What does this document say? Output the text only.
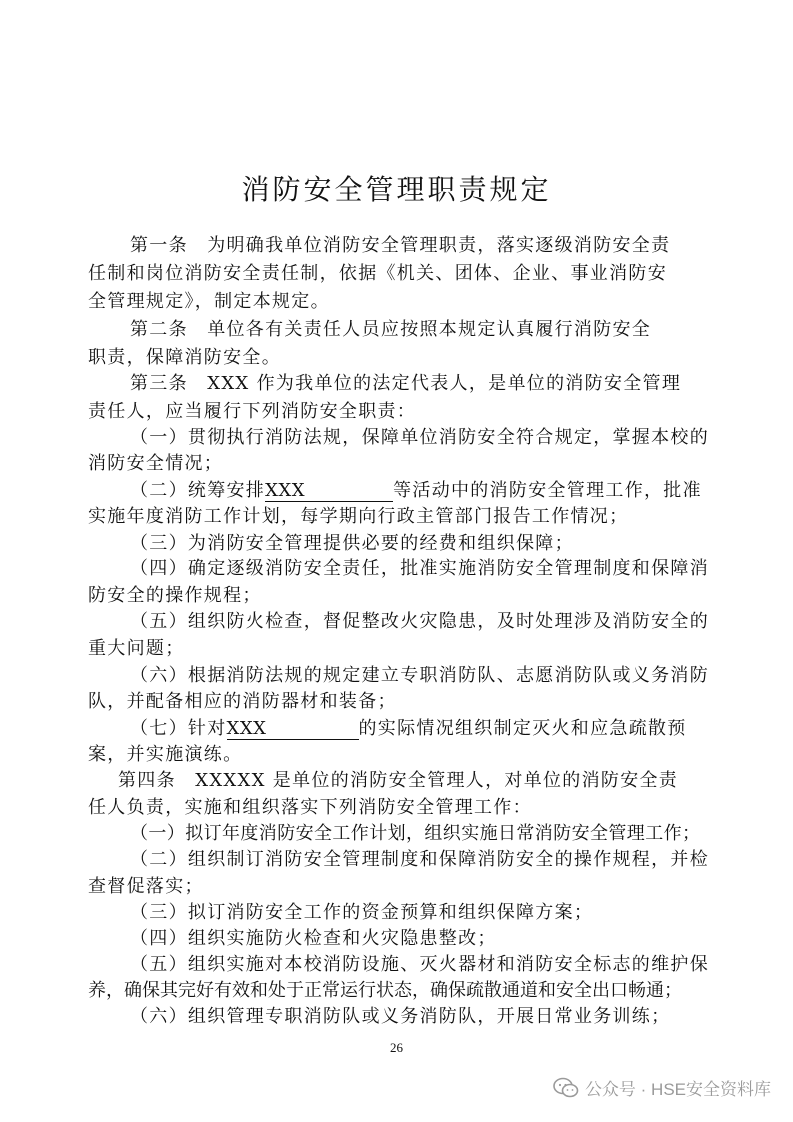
消防安全管理职责规定
第一条　为明确我单位消防安全管理职责，落实逐级消防安全责
任制和岗位消防安全责任制，依据《机关、团体、企业、事业消防安
全管理规定》，制定本规定。
第二条　单位各有关责任人员应按照本规定认真履行消防安全
职责，保障消防安全。
第三条　XXX 作为我单位的法定代表人，是单位的消防安全管理
责任人，应当履行下列消防安全职责：
（一）贯彻执行消防法规，保障单位消防安全符合规定，掌握本校的
消防安全情况；
（二）统筹安排XXX	等活动中的消防安全管理工作，批准
实施年度消防工作计划，每学期向行政主管部门报告工作情况；
（三）为消防安全管理提供必要的经费和组织保障；
（四）确定逐级消防安全责任，批准实施消防安全管理制度和保障消
防安全的操作规程；
（五）组织防火检查，督促整改火灾隐患，及时处理涉及消防安全的
重大问题；
（六）根据消防法规的规定建立专职消防队、志愿消防队或义务消防
队，并配备相应的消防器材和装备；
（七）针对XXX	的实际情况组织制定灭火和应急疏散预
案，并实施演练。
第四条　XXXXX 是单位的消防安全管理人，对单位的消防安全责
任人负责，实施和组织落实下列消防安全管理工作：
（一）拟订年度消防安全工作计划，组织实施日常消防安全管理工作；
（二）组织制订消防安全管理制度和保障消防安全的操作规程，并检
查督促落实；
（三）拟订消防安全工作的资金预算和组织保障方案；
（四）组织实施防火检查和火灾隐患整改；
（五）组织实施对本校消防设施、灭火器材和消防安全标志的维护保
养，确保其完好有效和处于正常运行状态，确保疏散通道和安全出口畅通；
（六）组织管理专职消防队或义务消防队，开展日常业务训练；
26
公众号 · HSE安全资料库
